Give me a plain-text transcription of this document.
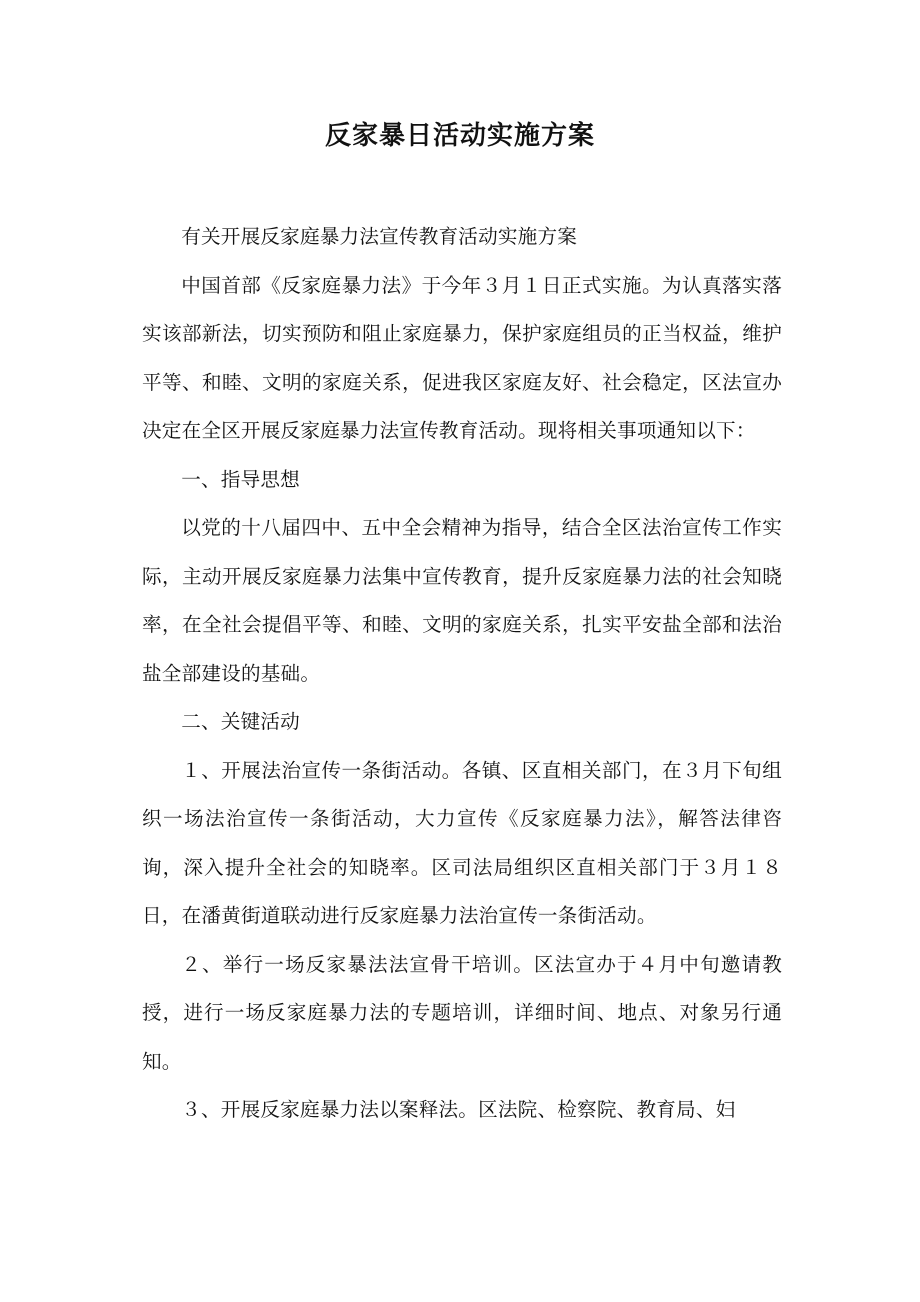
反家暴日活动实施方案

有关开展反家庭暴力法宣传教育活动实施方案

中国首部《反家庭暴力法》于今年３月１日正式实施。为认真落实落实该部新法，切实预防和阻止家庭暴力，保护家庭组员的正当权益，维护平等、和睦、文明的家庭关系，促进我区家庭友好、社会稳定，区法宣办决定在全区开展反家庭暴力法宣传教育活动。现将相关事项通知以下：

一、指导思想

以党的十八届四中、五中全会精神为指导，结合全区法治宣传工作实际，主动开展反家庭暴力法集中宣传教育，提升反家庭暴力法的社会知晓率，在全社会提倡平等、和睦、文明的家庭关系，扎实平安盐全部和法治盐全部建设的基础。

二、关键活动

１、开展法治宣传一条街活动。各镇、区直相关部门，在３月下旬组织一场法治宣传一条街活动，大力宣传《反家庭暴力法》，解答法律咨询，深入提升全社会的知晓率。区司法局组织区直相关部门于３月１８日，在潘黄街道联动进行反家庭暴力法治宣传一条街活动。

２、举行一场反家暴法法宣骨干培训。区法宣办于４月中旬邀请教授，进行一场反家庭暴力法的专题培训，详细时间、地点、对象另行通知。

３、开展反家庭暴力法以案释法。区法院、检察院、教育局、妇
